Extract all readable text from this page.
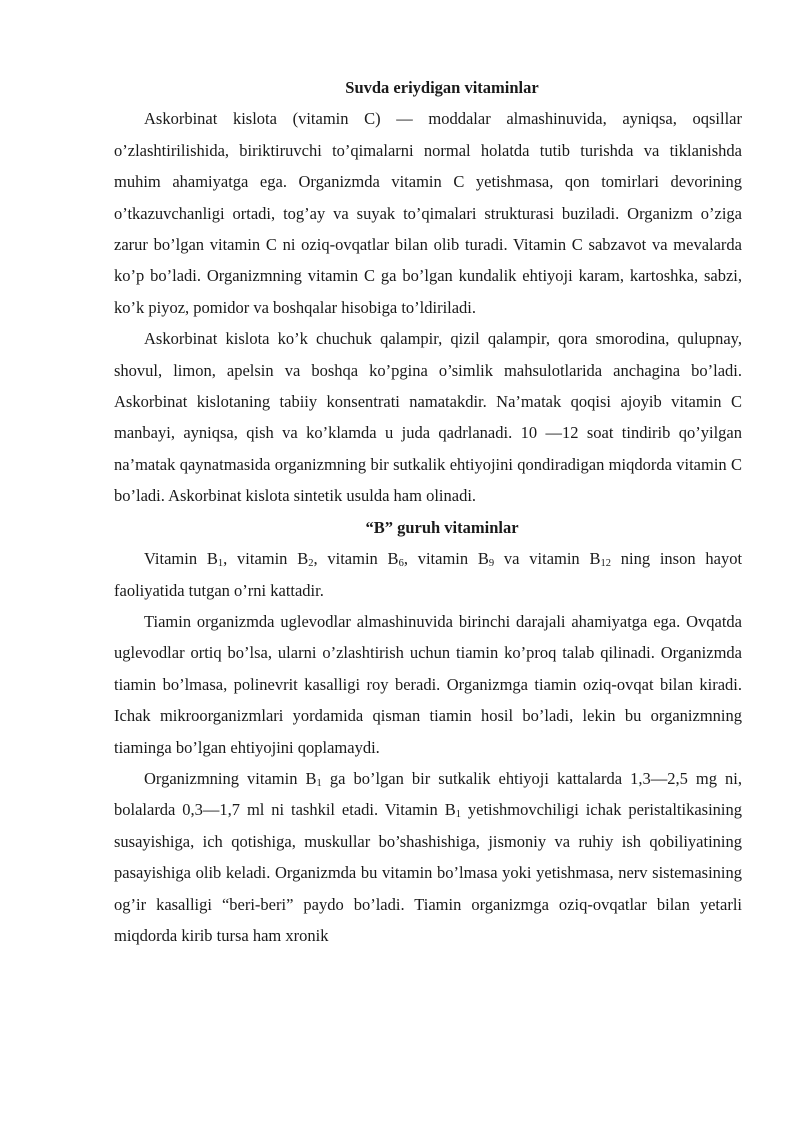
Suvda eriydigan vitaminlar

Askorbinat kislota (vitamin C) — moddalar almashinuvida, ayniqsa, oqsillar o’zlashtirilishida, biriktiruvchi to’qimalarni normal holatda tutib turishda va tiklanishda muhim ahamiyatga ega. Organizmda vitamin C yetishmasa, qon tomirlari devorining o’tkazuvchanligi ortadi, tog’ay va suyak to’qimalari strukturasi buziladi. Organizm o’ziga zarur bo’lgan vitamin C ni oziq-ovqatlar bilan olib turadi. Vitamin C sabzavot va mevalarda ko’p bo’ladi. Organizmning vitamin C ga bo’lgan kundalik ehtiyoji karam, kartoshka, sabzi, ko’k piyoz, pomidor va boshqalar hisobiga to’ldiriladi.

Askorbinat kislota ko’k chuchuk qalampir, qizil qalampir, qora smorodina, qulupnay, shovul, limon, apelsin va boshqa ko’pgina o’simlik mahsulotlarida anchagina bo’ladi. Askorbinat kislotaning tabiiy konsentrati namatakdir. Na’matak qoqisi ajoyib vitamin C manbayi, ayniqsa, qish va ko’klamda u juda qadrlanadi. 10 —12 soat tindirib qo’yilgan na’matak qaynatmasida organizmning bir sutkalik ehtiyojini qondiradigan miqdorda vitamin C bo’ladi. Askorbinat kislota sintetik usulda ham olinadi.

“B” guruh vitaminlar

Vitamin $B_1$, vitamin $B_2$, vitamin $B_6$, vitamin $B_9$ va vitamin $B_{12}$ ning inson hayot faoliyatida tutgan o’rni kattadir.

Tiamin organizmda uglevodlar almashinuvida birinchi darajali ahamiyatga ega. Ovqatda uglevodlar ortiq bo’lsa, ularni o’zlashtirish uchun tiamin ko’proq talab qilinadi. Organizmda tiamin bo’lmasa, polinevrit kasalligi roy beradi. Organizmga tiamin oziq-ovqat bilan kiradi. Ichak mikroorganizmlari yordamida qisman tiamin hosil bo’ladi, lekin bu organizmning tiaminga bo’lgan ehtiyojini qoplamaydi.

Organizmning vitamin $B_1$ ga bo’lgan bir sutkalik ehtiyoji kattalarda 1,3—2,5 mg ni, bolalarda 0,3—1,7 ml ni tashkil etadi. Vitamin $B_1$ yetishmovchiligi ichak peristaltikasining susayishiga, ich qotishiga, muskullar bo’shashishiga, jismoniy va ruhiy ish qobiliyatining pasayishiga olib keladi. Organizmda bu vitamin bo’lmasa yoki yetishmasa, nerv sistemasining og’ir kasalligi “beri-beri” paydo bo’ladi. Tiamin organizmga oziq-ovqatlar bilan yetarli miqdorda kirib tursa ham xronik
